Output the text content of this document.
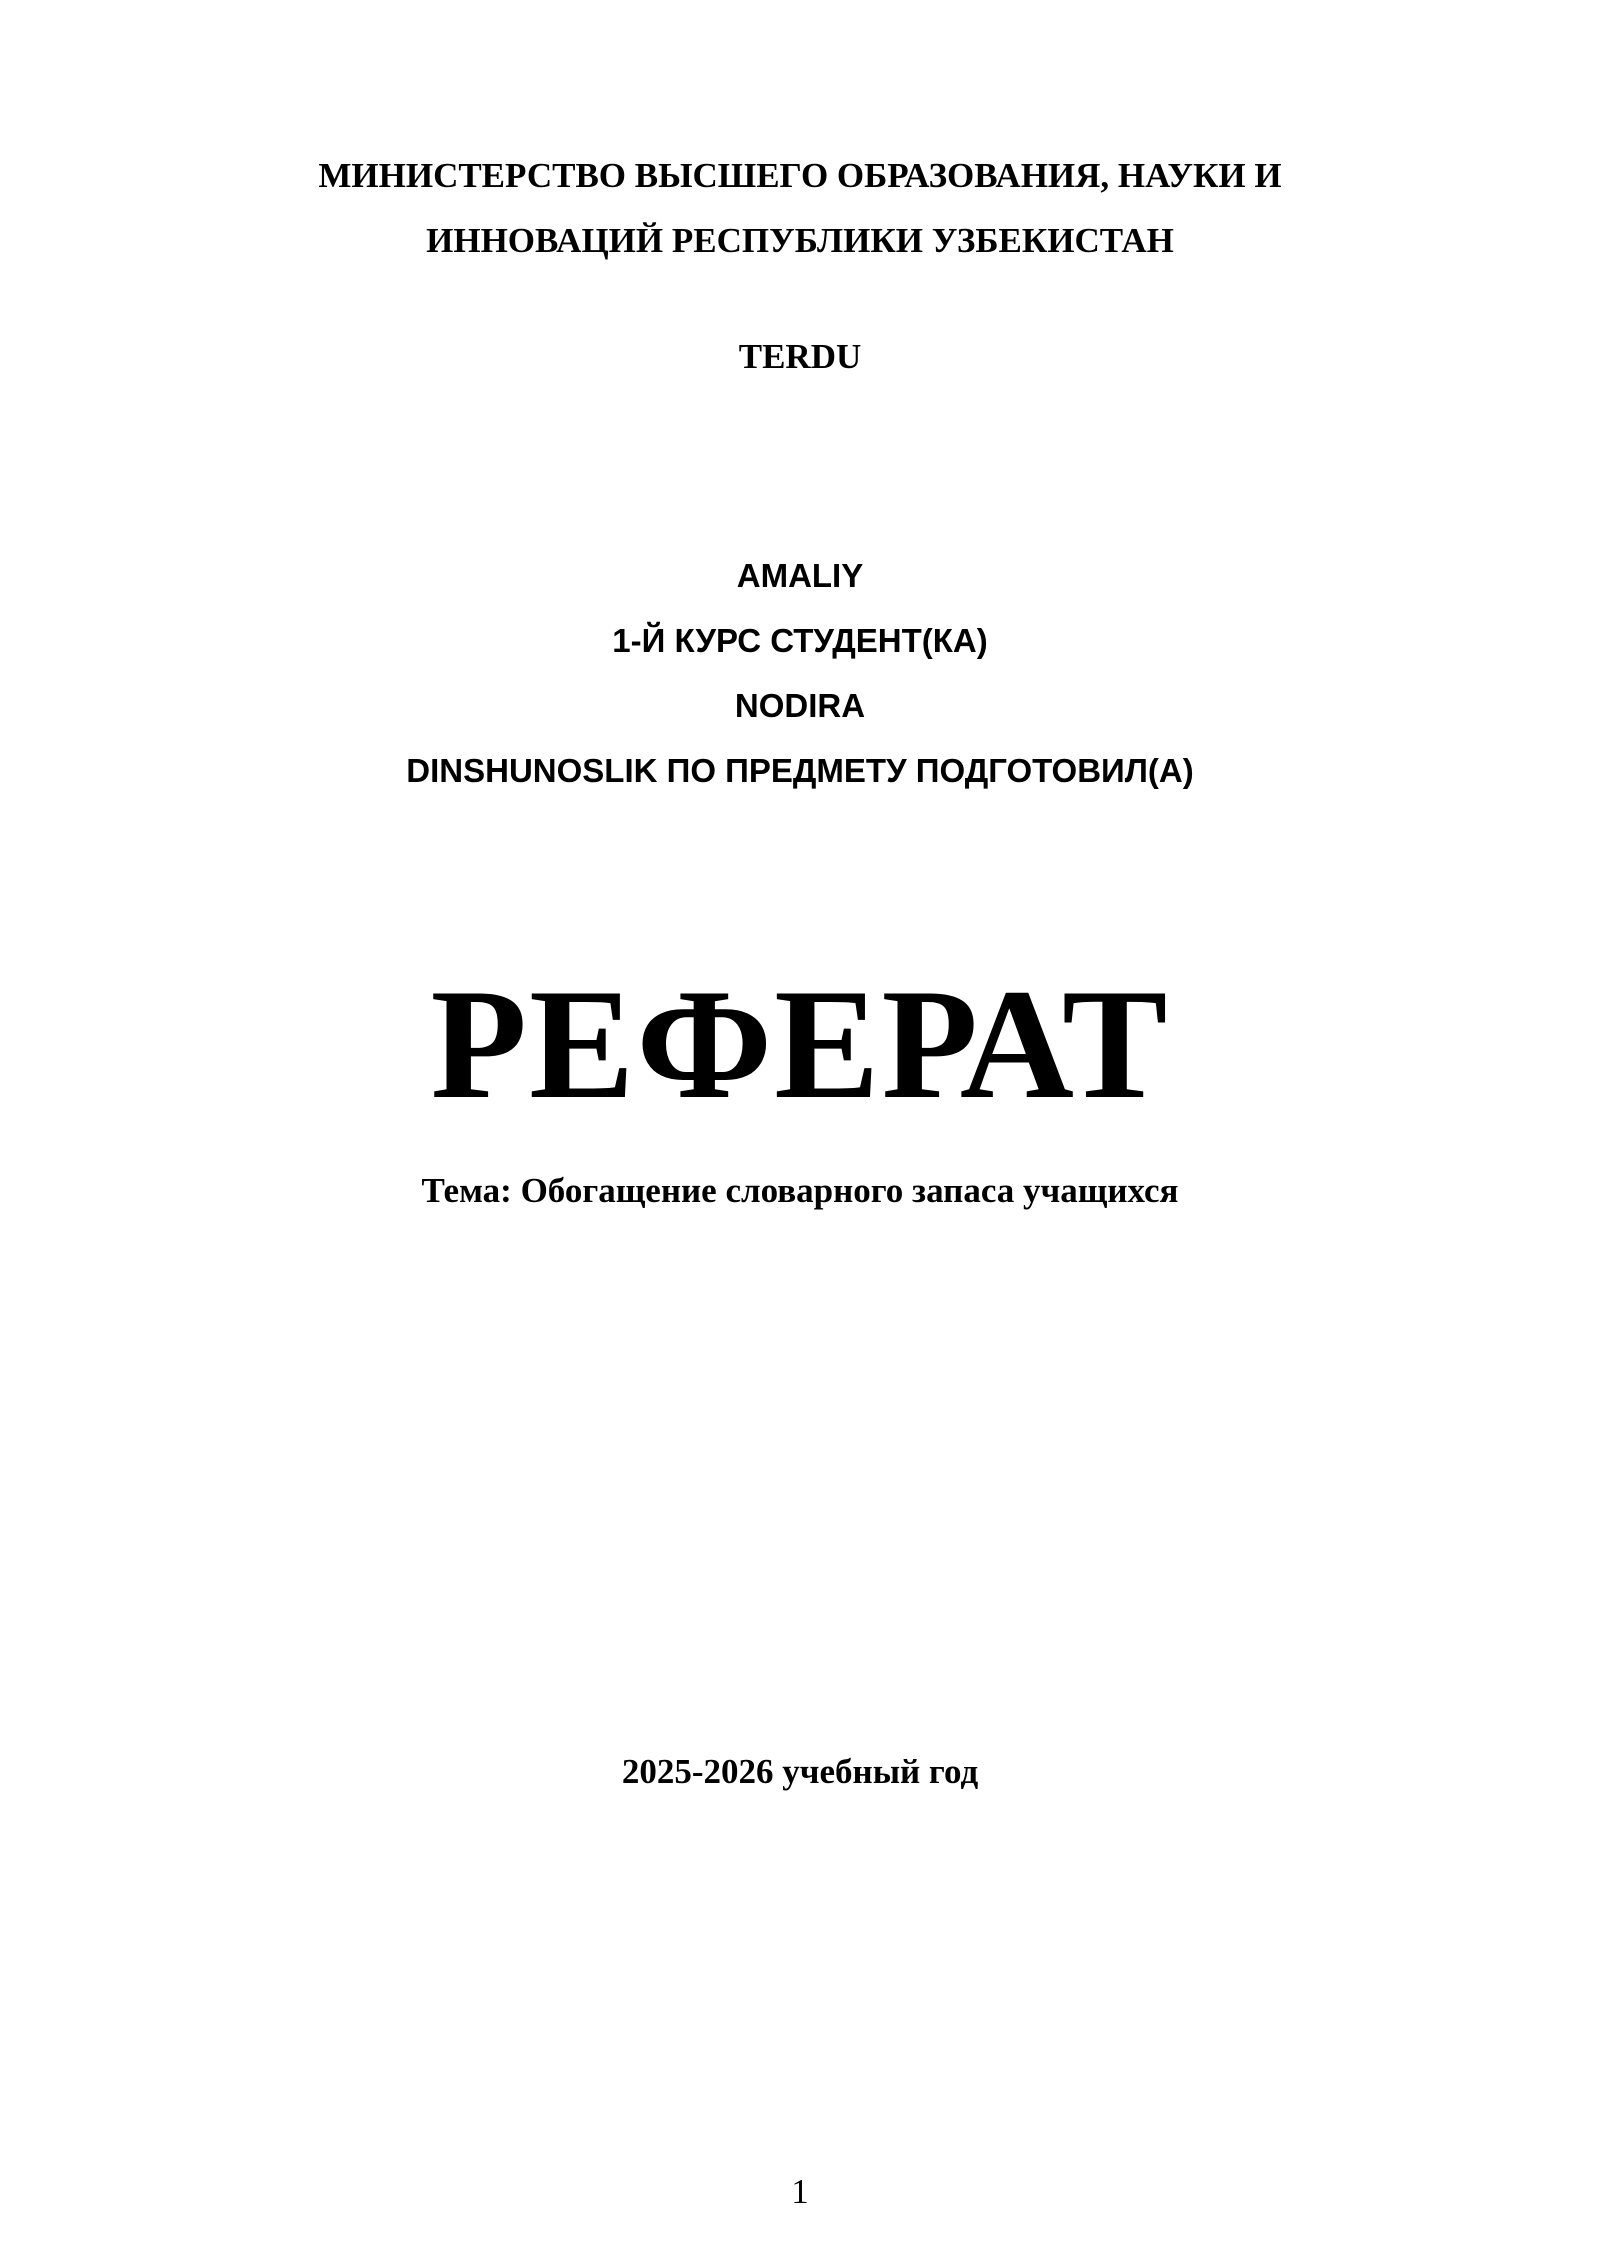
МИНИСТЕРСТВО ВЫСШЕГО ОБРАЗОВАНИЯ, НАУКИ И

ИННОВАЦИЙ РЕСПУБЛИКИ УЗБЕКИСТАН

TERDU

AMALIY

1-Й КУРС СТУДЕНТ(КА)

NODIRA

DINSHUNOSLIK ПО ПРЕДМЕТУ ПОДГОТОВИЛ(А)

РЕФЕРАТ

Тема: Обогащение словарного запаса учащихся

2025-2026 учебный год

1
